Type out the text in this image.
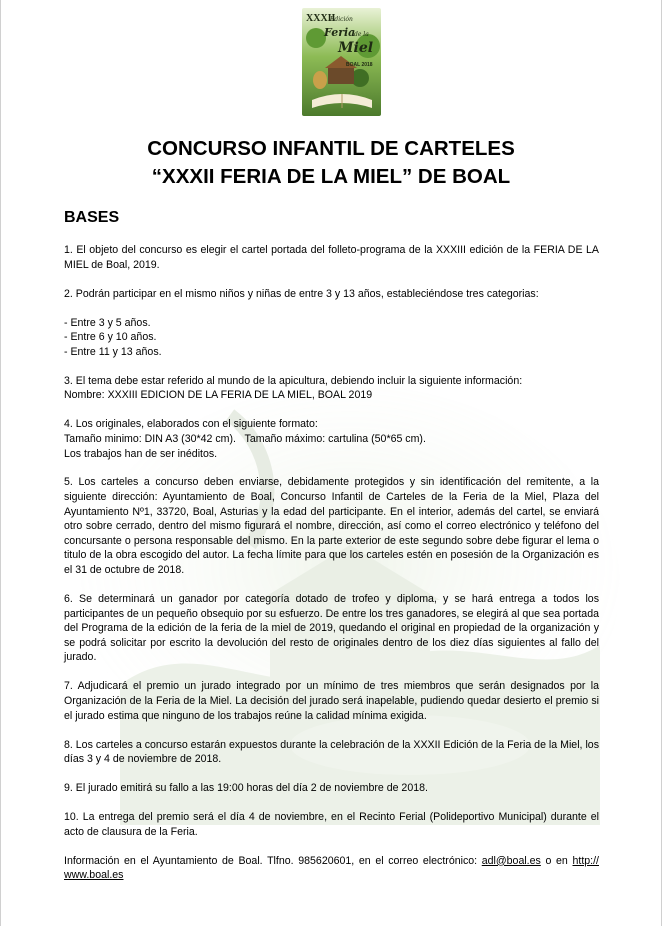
XXXII
Edición
Feria
de la
Miel
BOAL 2018
CONCURSO INFANTIL DE CARTELES
“XXXII FERIA DE LA MIEL” DE BOAL
BASES

1. El objeto del concurso es elegir el cartel portada del folleto-programa de la XXXIII edición de la FERIA DE LA MIEL de Boal, 2019.

2. Podrán participar en el mismo niños y niñas de entre 3 y 13 años, estableciéndose tres categorias:

- Entre 3 y 5 años.
- Entre 6 y 10 años.
- Entre 11 y 13 años.

3. El tema debe estar referido al mundo de la apicultura, debiendo incluir la siguiente información:
Nombre: XXXIII EDICION DE LA FERIA DE LA MIEL, BOAL 2019

4. Los originales, elaborados con el siguiente formato:
Tamaño minimo: DIN A3 (30*42 cm).   Tamaño máximo: cartulina (50*65 cm).
Los trabajos han de ser inéditos.

5. Los carteles a concurso deben enviarse, debidamente protegidos y sin identificación del remitente, a la siguiente dirección: Ayuntamiento de Boal, Concurso Infantil de Carteles de la Feria de la Miel, Plaza del Ayuntamiento Nº1, 33720, Boal, Asturias y la edad del participante. En el interior, además del cartel, se enviará otro sobre cerrado, dentro del mismo figurará el nombre, dirección, así como el correo electrónico y teléfono del concursante o persona responsable del mismo. En la parte exterior de este segundo sobre debe figurar el lema o titulo de la obra escogido del autor. La fecha límite para que los carteles estén en posesión de la Organización es el 31 de octubre de 2018.

6. Se determinará un ganador por categoría dotado de trofeo y diploma, y se hará entrega a todos los participantes de un pequeño obsequio por su esfuerzo. De entre los tres ganadores, se elegirá al que sea portada del Programa de la edición de la feria de la miel de 2019, quedando el original en propiedad de la organización y se podrá solicitar por escrito la devolución del resto de originales dentro de los diez días siguientes al fallo del jurado.

7. Adjudicará el premio un jurado integrado por un mínimo de tres miembros que serán designados por la Organización de la Feria de la Miel. La decisión del jurado será inapelable, pudiendo quedar desierto el premio si el jurado estima que ninguno de los trabajos reúne la calidad mínima exigida.

8. Los carteles a concurso estarán expuestos durante la celebración de la XXXII Edición de la Feria de la Miel, los días 3 y 4 de noviembre de 2018.

9. El jurado emitirá su fallo a las 19:00 horas del día 2 de noviembre de 2018.

10. La entrega del premio será el día 4 de noviembre, en el Recinto Ferial (Polideportivo Municipal) durante el acto de clausura de la Feria.

Información en el Ayuntamiento de Boal. Tlfno. 985620601, en el correo electrónico: adl@boal.es o en http:// www.boal.es
